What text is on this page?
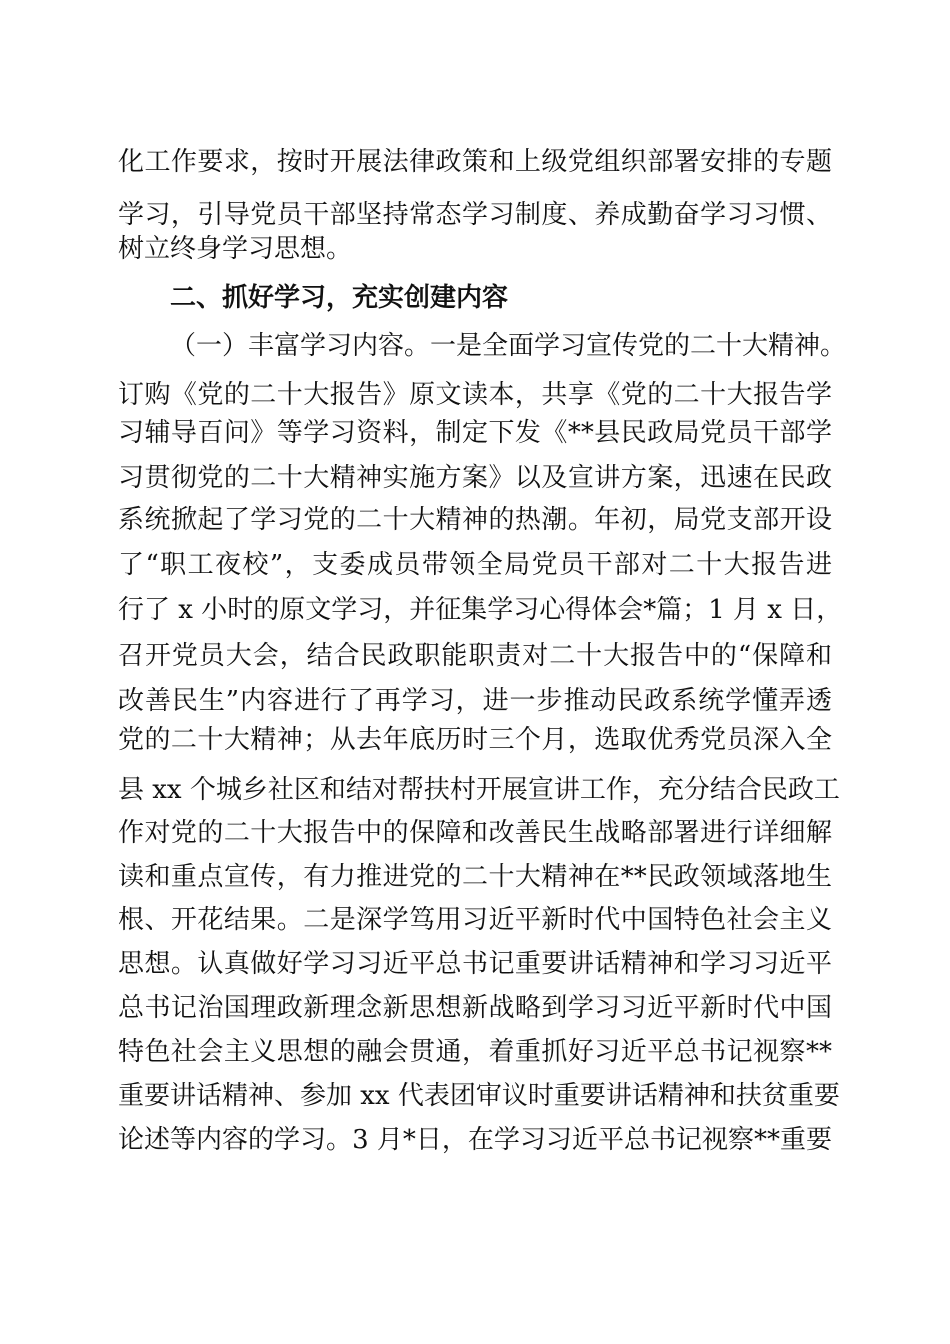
化工作要求，按时开展法律政策和上级党组织部署安排的专题
学习，引导党员干部坚持常态学习制度、养成勤奋学习习惯、
树立终身学习思想。
二、抓好学习，充实创建内容
（一）丰富学习内容。一是全面学习宣传党的二十大精神。
订购《党的二十大报告》原文读本，共享《党的二十大报告学
习辅导百问》等学习资料，制定下发《**县民政局党员干部学
习贯彻党的二十大精神实施方案》以及宣讲方案，迅速在民政
系统掀起了学习党的二十大精神的热潮。年初，局党支部开设
了“职工夜校”，支委成员带领全局党员干部对二十大报告进
行了 x 小时的原文学习，并征集学习心得体会*篇；1 月 x 日，
召开党员大会，结合民政职能职责对二十大报告中的“保障和
改善民生”内容进行了再学习，进一步推动民政系统学懂弄透
党的二十大精神；从去年底历时三个月，选取优秀党员深入全
县 xx 个城乡社区和结对帮扶村开展宣讲工作，充分结合民政工
作对党的二十大报告中的保障和改善民生战略部署进行详细解
读和重点宣传，有力推进党的二十大精神在**民政领域落地生
根、开花结果。二是深学笃用习近平新时代中国特色社会主义
思想。认真做好学习习近平总书记重要讲话精神和学习习近平
总书记治国理政新理念新思想新战略到学习习近平新时代中国
特色社会主义思想的融会贯通，着重抓好习近平总书记视察**
重要讲话精神、参加 xx 代表团审议时重要讲话精神和扶贫重要
论述等内容的学习。3 月*日，在学习习近平总书记视察**重要
